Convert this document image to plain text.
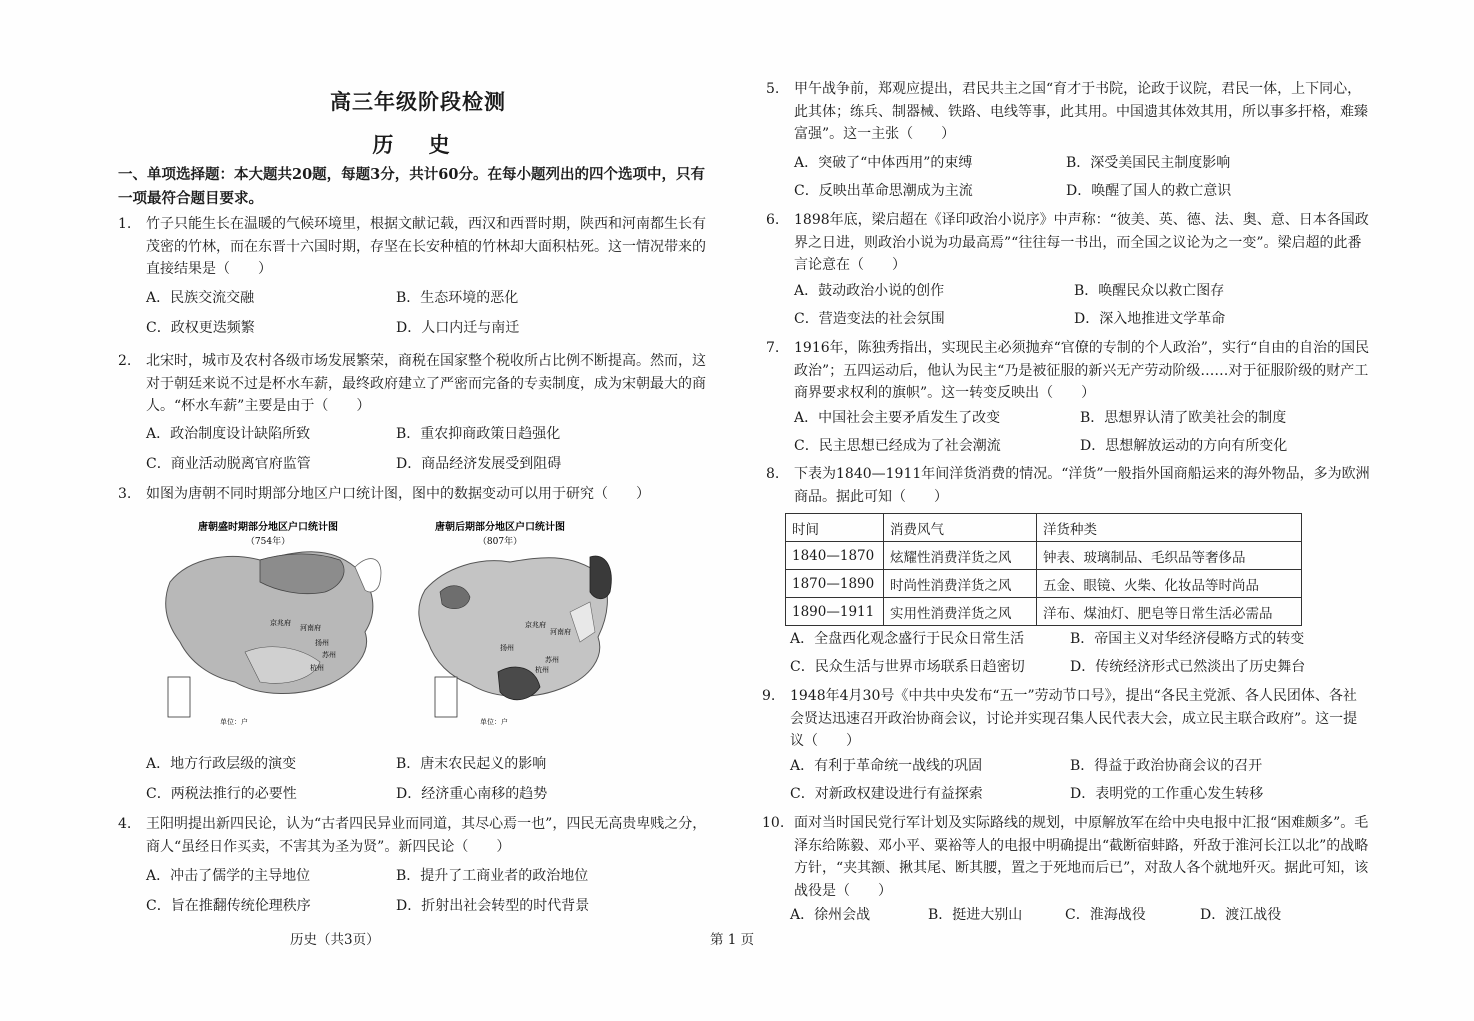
高三年级阶段检测
历 史
一、单项选择题：本大题共20题，每题3分，共计60分。在每小题列出的四个选项中，只有一项最符合题目要求。
1. 竹子只能生长在温暖的气候环境里，根据文献记载，西汉和西晋时期，陕西和河南都生长有茂密的竹林，而在东晋十六国时期，存坚在长安种植的竹林却大面积枯死。这一情况带来的直接结果是（　　）
A．民族交流交融	B．生态环境的恶化
C．政权更迭频繁	D．人口内迁与南迁
2. 北宋时，城市及农村各级市场发展繁荣，商税在国家整个税收所占比例不断提高。然而，这对于朝廷来说不过是杯水车薪，最终政府建立了严密而完备的专卖制度，成为宋朝最大的商人。“杯水车薪”主要是由于（　　）
A．政治制度设计缺陷所致	B．重农抑商政策日趋强化
C．商业活动脱离官府监管	D．商品经济发展受到阻碍
3. 如图为唐朝不同时期部分地区户口统计图，图中的数据变动可以用于研究（　　）
唐朝盛时期部分地区户口统计图
（754年）
京兆府
河南府
扬州
苏州
杭州
单位：户
唐朝后期部分地区户口统计图
（807年）
京兆府
河南府
扬州
苏州
杭州
单位：户
A．地方行政层级的演变	B．唐末农民起义的影响
C．两税法推行的必要性	D．经济重心南移的趋势
4. 王阳明提出新四民论，认为“古者四民异业而同道，其尽心焉一也”，四民无高贵卑贱之分，商人“虽经日作买卖，不害其为圣为贤”。新四民论（　　）
A．冲击了儒学的主导地位	B．提升了工商业者的政治地位
C．旨在推翻传统伦理秩序	D．折射出社会转型的时代背景
5. 甲午战争前，郑观应提出，君民共主之国“育才于书院，论政于议院，君民一体，上下同心，此其体；练兵、制器械、铁路、电线等事，此其用。中国遗其体效其用，所以事多扞格，难臻富强”。这一主张（　　）
A．突破了“中体西用”的束缚	B．深受美国民主制度影响
C．反映出革命思潮成为主流	D．唤醒了国人的救亡意识
6. 1898年底，梁启超在《译印政治小说序》中声称：“彼美、英、德、法、奥、意、日本各国政界之日进，则政治小说为功最高焉”“往往每一书出，而全国之议论为之一变”。梁启超的此番言论意在（　　）
A．鼓动政治小说的创作	B．唤醒民众以救亡图存
C．营造变法的社会氛围	D．深入地推进文学革命
7. 1916年，陈独秀指出，实现民主必须抛弃“官僚的专制的个人政治”，实行“自由的自治的国民政治”；五四运动后，他认为民主“乃是被征服的新兴无产劳动阶级……对于征服阶级的财产工商界要求权利的旗帜”。这一转变反映出（　　）
A．中国社会主要矛盾发生了改变	B．思想界认清了欧美社会的制度
C．民主思想已经成为了社会潮流	D．思想解放运动的方向有所变化
8. 下表为1840—1911年间洋货消费的情况。“洋货”一般指外国商船运来的海外物品，多为欧洲商品。据此可知（　　）
时间	消费风气	洋货种类
1840—1870	炫耀性消费洋货之风	钟表、玻璃制品、毛织品等奢侈品
1870—1890	时尚性消费洋货之风	五金、眼镜、火柴、化妆品等时尚品
1890—1911	实用性消费洋货之风	洋布、煤油灯、肥皂等日常生活必需品
A．全盘西化观念盛行于民众日常生活	B．帝国主义对华经济侵略方式的转变
C．民众生活与世界市场联系日趋密切	D．传统经济形式已然淡出了历史舞台
9. 1948年4月30号《中共中央发布“五一”劳动节口号》，提出“各民主党派、各人民团体、各社会贤达迅速召开政治协商会议，讨论并实现召集人民代表大会，成立民主联合政府”。这一提议（　　）
A．有利于革命统一战线的巩固	B．得益于政治协商会议的召开
C．对新政权建设进行有益探索	D．表明党的工作重心发生转移
10. 面对当时国民党行军计划及实际路线的规划，中原解放军在给中央电报中汇报“困难颇多”。毛泽东给陈毅、邓小平、粟裕等人的电报中明确提出“截断宿蚌路，歼敌于淮河长江以北”的战略方针，“夹其额、揪其尾、断其腰，置之于死地而后已”，对敌人各个就地歼灭。据此可知，该战役是（　　）
A．徐州会战	B．挺进大别山	C．淮海战役	D．渡江战役
历史（共3页）	第 1 页
